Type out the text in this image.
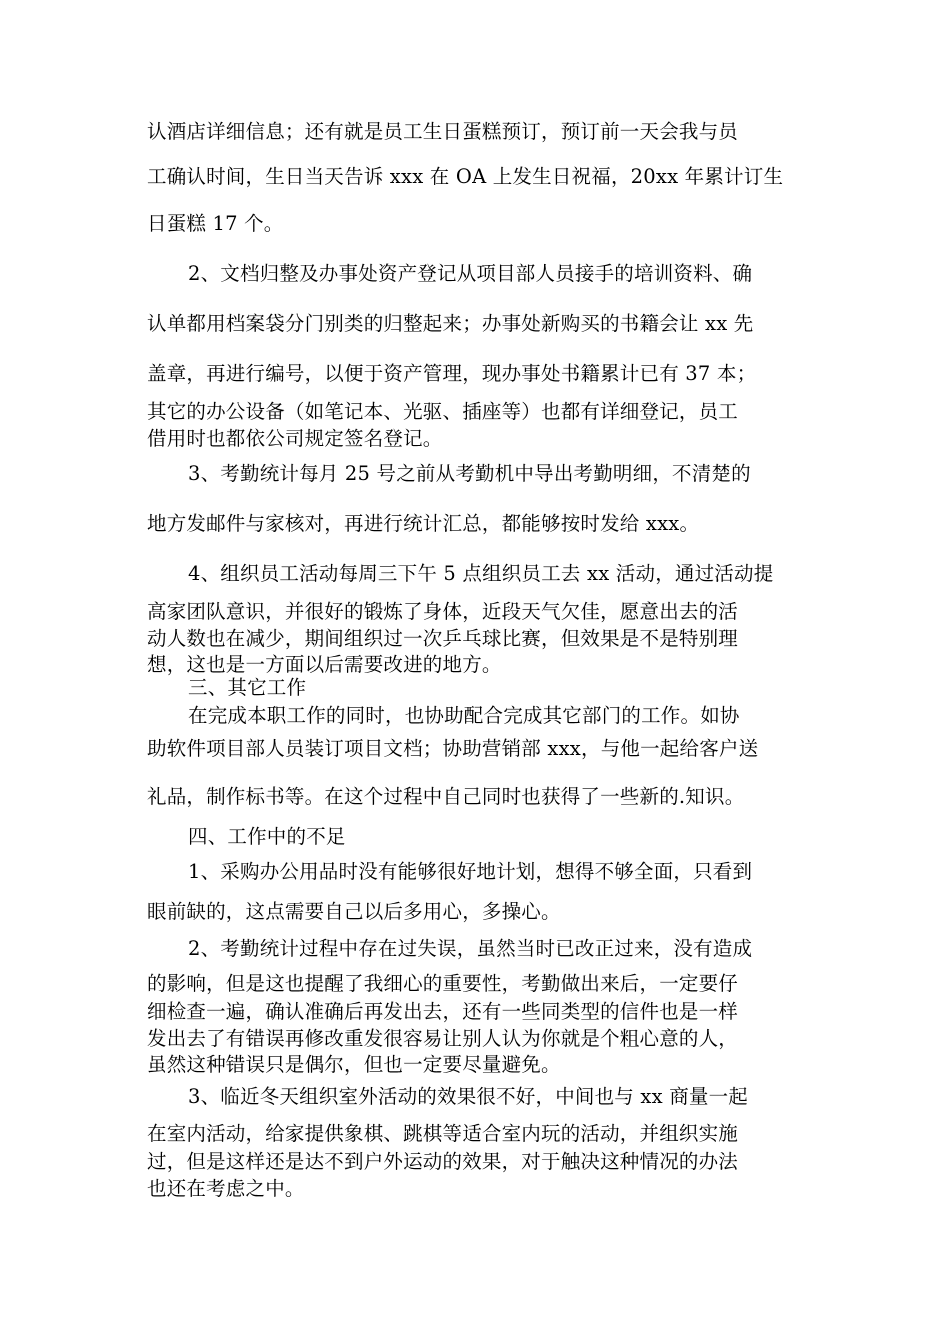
认酒店详细信息；还有就是员工生日蛋糕预订，预订前一天会我与员
工确认时间，生日当天告诉 xxx 在 OA 上发生日祝福，20xx 年累计订生
日蛋糕 17 个。
2、文档归整及办事处资产登记从项目部人员接手的培训资料、确
认单都用档案袋分门别类的归整起来；办事处新购买的书籍会让 xx 先
盖章，再进行编号，以便于资产管理，现办事处书籍累计已有 37 本；
其它的办公设备（如笔记本、光驱、插座等）也都有详细登记，员工
借用时也都依公司规定签名登记。
3、考勤统计每月 25 号之前从考勤机中导出考勤明细，不清楚的
地方发邮件与家核对，再进行统计汇总，都能够按时发给 xxx。
4、组织员工活动每周三下午 5 点组织员工去 xx 活动，通过活动提
高家团队意识，并很好的锻炼了身体，近段天气欠佳，愿意出去的活
动人数也在减少，期间组织过一次乒乓球比赛，但效果是不是特别理
想，这也是一方面以后需要改进的地方。
三、其它工作
在完成本职工作的同时，也协助配合完成其它部门的工作。如协
助软件项目部人员装订项目文档；协助营销部 xxx，与他一起给客户送
礼品，制作标书等。在这个过程中自己同时也获得了一些新的.知识。
四、工作中的不足
1、采购办公用品时没有能够很好地计划，想得不够全面，只看到
眼前缺的，这点需要自己以后多用心，多操心。
2、考勤统计过程中存在过失误，虽然当时已改正过来，没有造成
的影响，但是这也提醒了我细心的重要性，考勤做出来后，一定要仔
细检查一遍，确认准确后再发出去，还有一些同类型的信件也是一样
发出去了有错误再修改重发很容易让别人认为你就是个粗心意的人，
虽然这种错误只是偶尔，但也一定要尽量避免。
3、临近冬天组织室外活动的效果很不好，中间也与 xx 商量一起
在室内活动，给家提供象棋、跳棋等适合室内玩的活动，并组织实施
过，但是这样还是达不到户外运动的效果，对于触决这种情况的办法
也还在考虑之中。
